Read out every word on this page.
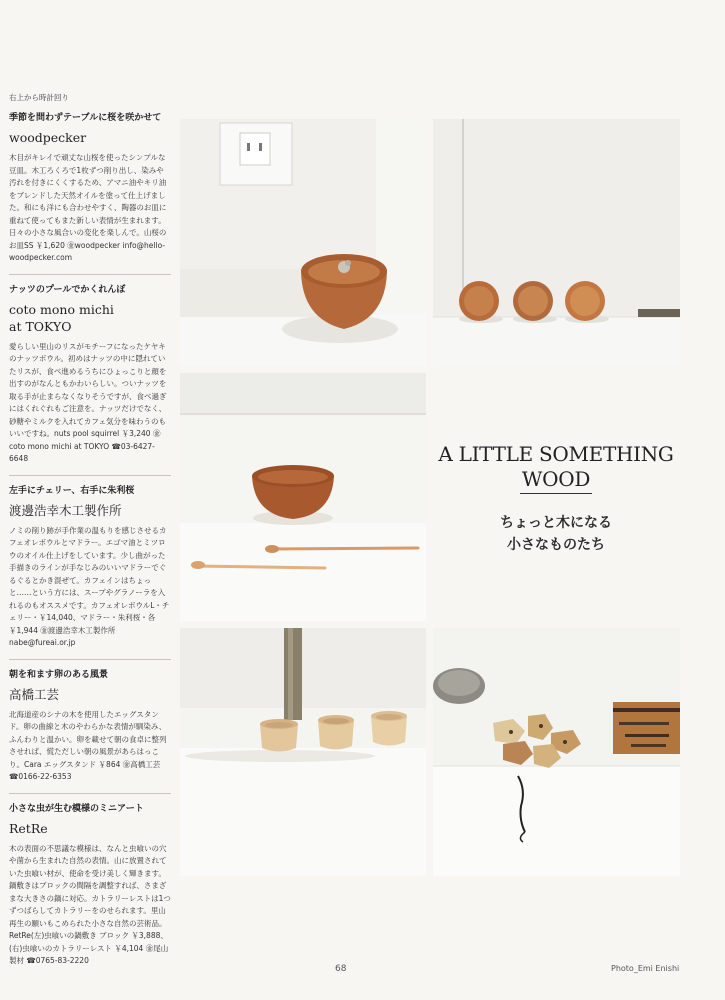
右上から時計回り
季節を問わずテーブルに桜を咲かせて
woodpecker
木目がキレイで頑丈な山桜を使ったシンプルな豆皿。木工ろくろで1枚ずつ削り出し、染みや汚れを付きにくくするため、アマニ油やキリ油をブレンドした天然オイルを塗って仕上げました。和にも洋にも合わせやすく、陶器のお皿に重ねて使ってもまた新しい表情が生まれます。日々の小さな風合いの変化を楽しんで。山桜のお皿SS ￥1,620 ㊎woodpecker info@hello-woodpecker.com
ナッツのプールでかくれんぼ
coto mono michi
at TOKYO
愛らしい里山のリスがモチーフになったケヤキのナッツボウル。初めはナッツの中に隠れていたリスが、食べ進めるうちにひょっこりと顔を出すのがなんともかわいらしい。ついナッツを取る手が止まらなくなりそうですが、食べ過ぎにはくれぐれもご注意を。ナッツだけでなく、砂糖やミルクを入れてカフェ気分を味わうのもいいですね。nuts pool squirrel ￥3,240 ㊎coto mono michi at TOKYO ☎03-6427-6648
左手にチェリー、右手に朱利桜
渡邊浩幸木工製作所
ノミの削り跡が手作業の温もりを感じさせるカフェオレボウルとマドラー。エゴマ油とミツロウのオイル仕上げをしています。少し曲がった手描きのラインが手なじみのいいマドラーでぐるぐるとかき混ぜて。カフェインはちょっと……という方には、スープやグラノーラを入れるのもオススメです。カフェオレボウルL・チェリー・￥14,040、マドラー・朱利桜・各￥1,944 ㊎渡邊浩幸木工製作所 nabe@fureai.or.jp
朝を和ます卵のある風景
高橋工芸
北海道産のシナの木を使用したエッグスタンド。卵の曲線と木のやわらかな表情が馴染み、ふんわりと温かい。卵を載せて朝の食卓に整列させれば、慌ただしい朝の風景があらはっこり。Cara エッグスタンド ￥864 ㊎高橋工芸 ☎0166-22-6353
小さな虫が生む模様のミニアート
RetRe
木の表面の不思議な模様は、なんと虫喰いの穴や菌から生まれた自然の表情。山に放置されていた虫喰い材が、使命を受け美しく輝きます。鍋敷きはブロックの間隔を調整すれば、さまざまな大きさの鍋に対応。カトラリーレストは1つずつばらしてカトラリーをのせられます。里山再生の願いもこめられた小さな自然の芸術品。RetRe(左)虫喰いの鍋敷き ブロック ￥3,888、(右)虫喰いのカトラリーレスト ￥4,104 ㊎尾山製材 ☎0765-83-2220
A LITTLE SOMETHING
WOOD
ちょっと木になる
小さなものたち
68	Photo_Emi Enishi
